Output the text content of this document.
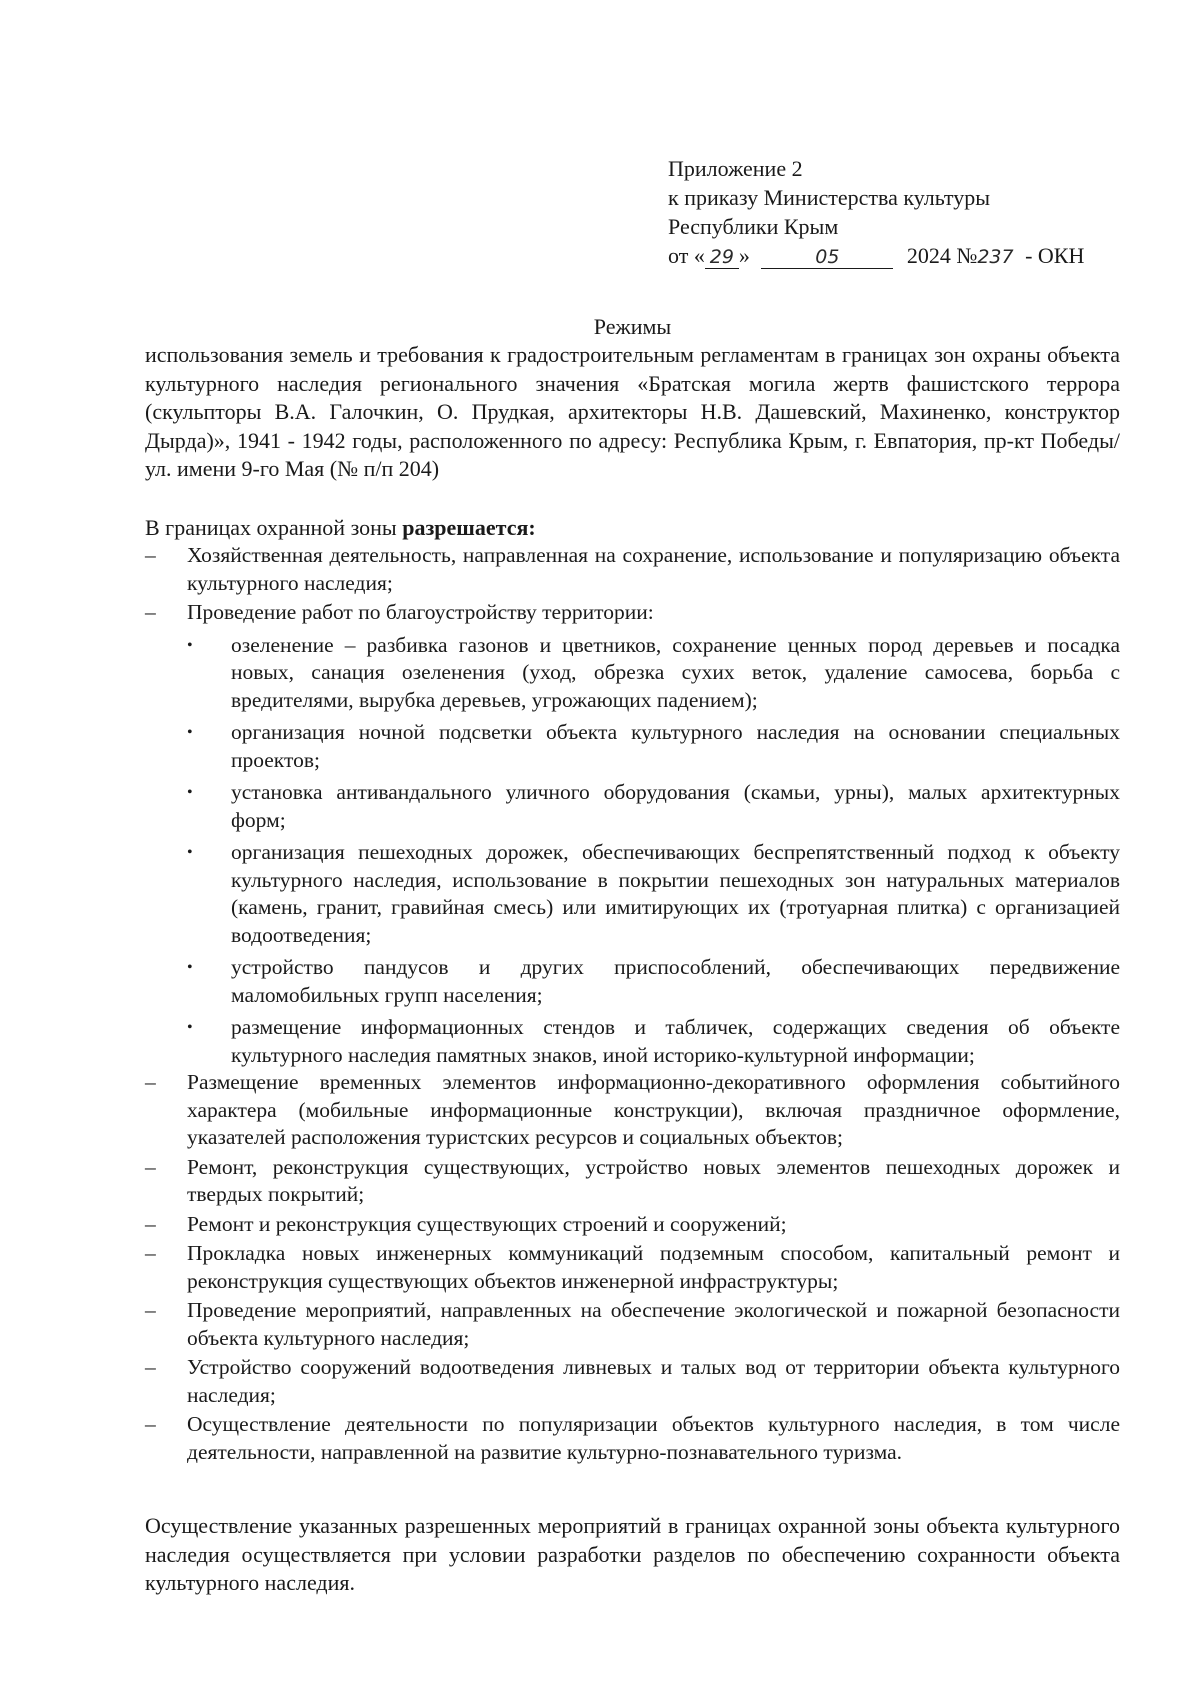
Приложение 2
к приказу Министерства культуры
Республики Крым
от « 29 »	05	2024 №237 - ОКН
Режимы
использования земель и требования к градостроительным регламентам в границах зон охраны объекта культурного наследия регионального значения «Братская могила жертв фашистского террора (скульпторы В.А. Галочкин, О. Прудкая, архитекторы Н.В. Дашевский, Махиненко, конструктор Дырда)», 1941 - 1942 годы, расположенного по адресу: Республика Крым, г. Евпатория, пр-кт Победы/ул. имени 9-го Мая (№ п/п 204)
В границах охранной зоны разрешается:
–	Хозяйственная деятельность, направленная на сохранение, использование и популяризацию объекта культурного наследия;
–	Проведение работ по благоустройству территории:
• озеленение – разбивка газонов и цветников, сохранение ценных пород деревьев и посадка новых, санация озеленения (уход, обрезка сухих веток, удаление самосева, борьба с вредителями, вырубка деревьев, угрожающих падением);
• организация ночной подсветки объекта культурного наследия на основании специальных проектов;
• установка антивандального уличного оборудования (скамьи, урны), малых архитектурных форм;
• организация пешеходных дорожек, обеспечивающих беспрепятственный подход к объекту культурного наследия, использование в покрытии пешеходных зон натуральных материалов (камень, гранит, гравийная смесь) или имитирующих их (тротуарная плитка) с организацией водоотведения;
• устройство пандусов и других приспособлений, обеспечивающих передвижение маломобильных групп населения;
• размещение информационных стендов и табличек, содержащих сведения об объекте культурного наследия памятных знаков, иной историко-культурной информации;
–	Размещение временных элементов информационно-декоративного оформления событийного характера (мобильные информационные конструкции), включая праздничное оформление, указателей расположения туристских ресурсов и социальных объектов;
–	Ремонт, реконструкция существующих, устройство новых элементов пешеходных дорожек и твердых покрытий;
–	Ремонт и реконструкция существующих строений и сооружений;
–	Прокладка новых инженерных коммуникаций подземным способом, капитальный ремонт и реконструкция существующих объектов инженерной инфраструктуры;
–	Проведение мероприятий, направленных на обеспечение экологической и пожарной безопасности объекта культурного наследия;
–	Устройство сооружений водоотведения ливневых и талых вод от территории объекта культурного наследия;
–	Осуществление деятельности по популяризации объектов культурного наследия, в том числе деятельности, направленной на развитие культурно-познавательного туризма.
Осуществление указанных разрешенных мероприятий в границах охранной зоны объекта культурного наследия осуществляется при условии разработки разделов по обеспечению сохранности объекта культурного наследия.
